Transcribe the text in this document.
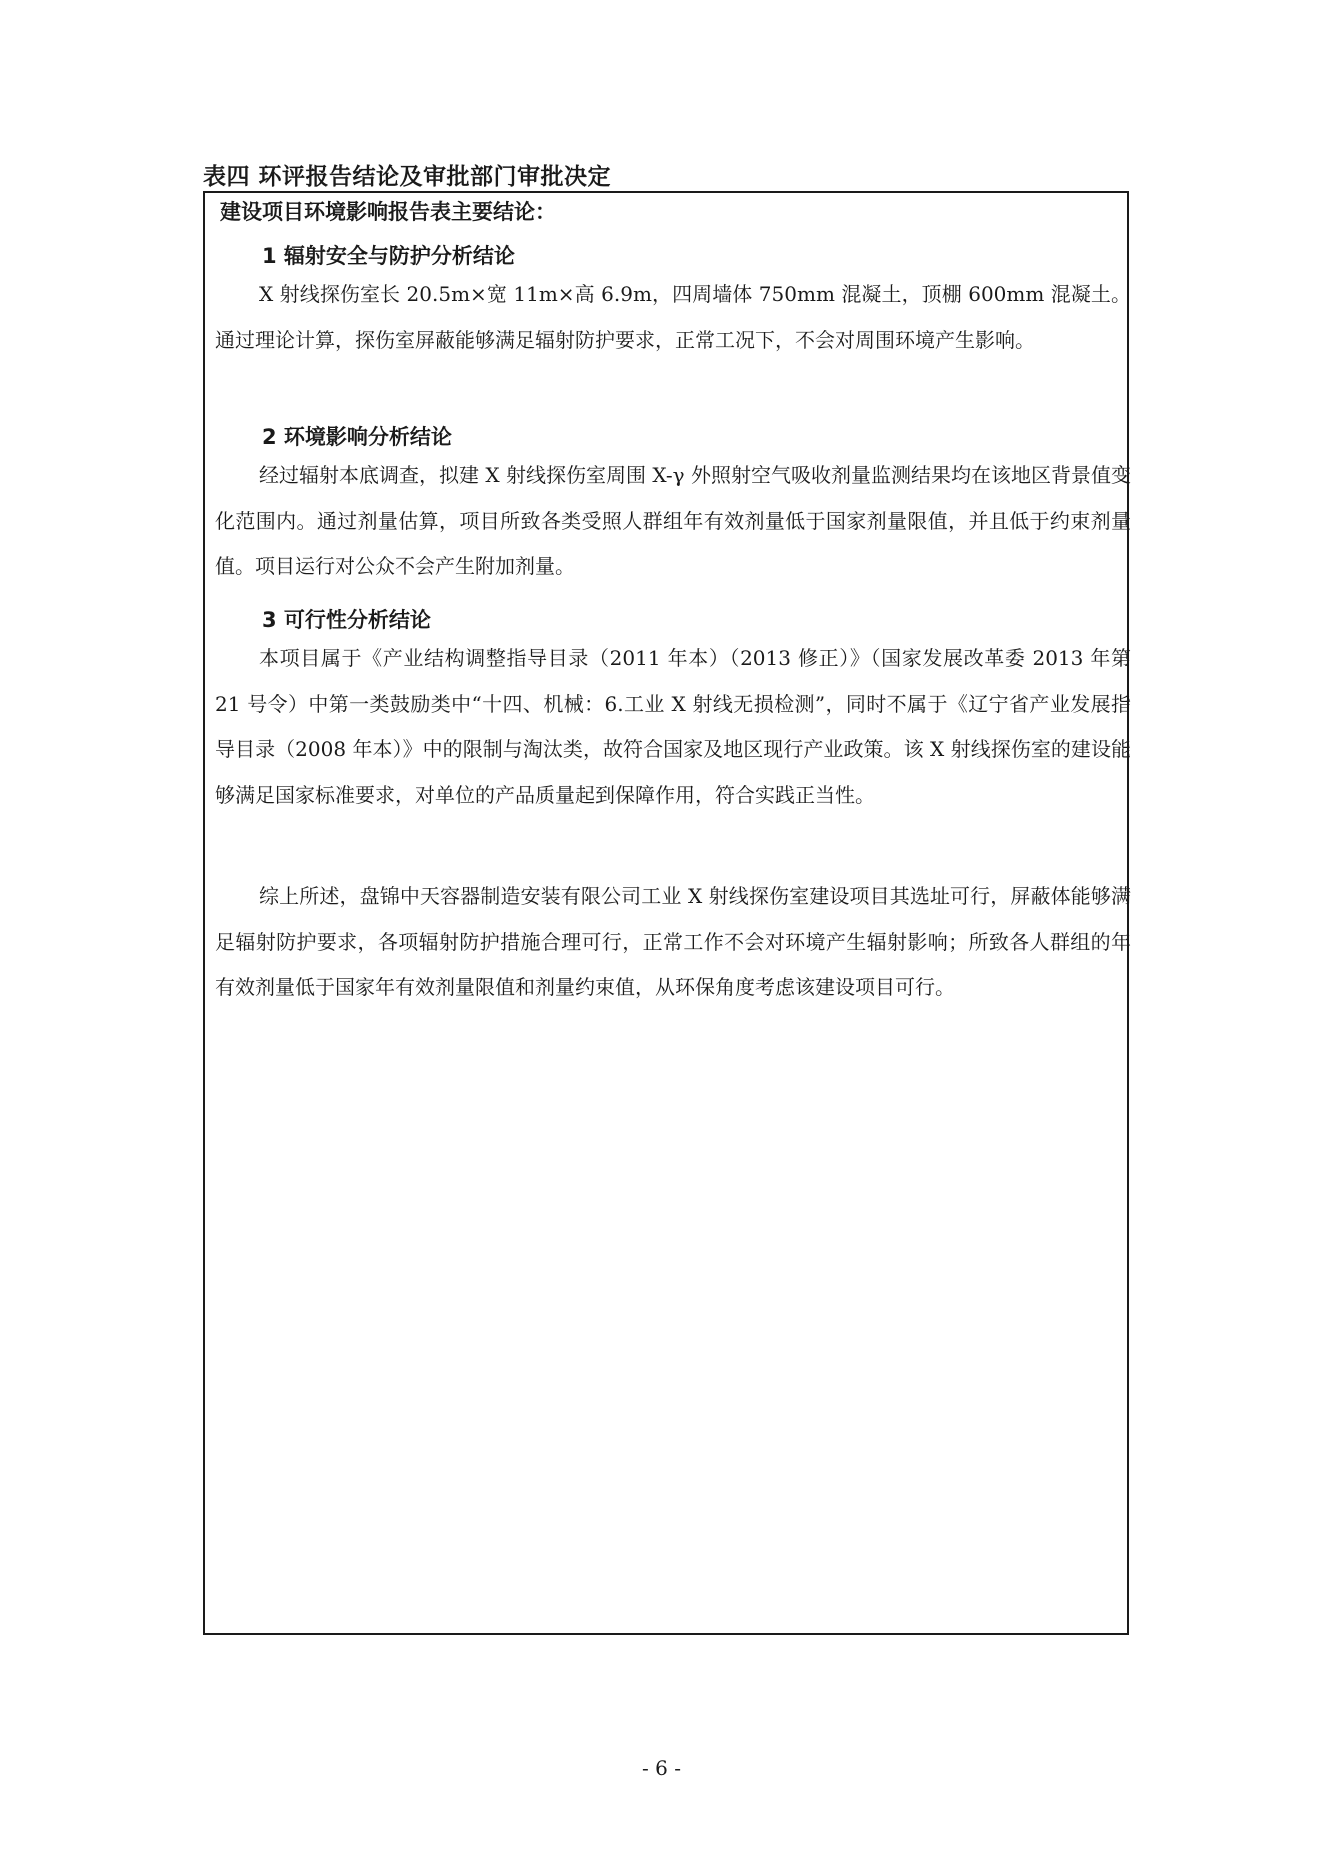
表四 环评报告结论及审批部门审批决定
建设项目环境影响报告表主要结论：
1 辐射安全与防护分析结论

X 射线探伤室长 20.5m×宽 11m×高 6.9m，四周墙体 750mm 混凝土，顶棚 600mm 混凝土。通过理论计算，探伤室屏蔽能够满足辐射防护要求，正常工况下，不会对周围环境产生影响。

2 环境影响分析结论

经过辐射本底调查，拟建 X 射线探伤室周围 X-γ 外照射空气吸收剂量监测结果均在该地区背景值变化范围内。通过剂量估算，项目所致各类受照人群组年有效剂量低于国家剂量限值，并且低于约束剂量值。项目运行对公众不会产生附加剂量。

3 可行性分析结论

本项目属于《产业结构调整指导目录（2011 年本）（2013 修正）》（国家发展改革委 2013 年第 21 号令）中第一类鼓励类中“十四、机械：6.工业 X 射线无损检测”，同时不属于《辽宁省产业发展指导目录（2008 年本）》中的限制与淘汰类，故符合国家及地区现行产业政策。该 X 射线探伤室的建设能够满足国家标准要求，对单位的产品质量起到保障作用，符合实践正当性。

综上所述，盘锦中天容器制造安装有限公司工业 X 射线探伤室建设项目其选址可行，屏蔽体能够满足辐射防护要求，各项辐射防护措施合理可行，正常工作不会对环境产生辐射影响；所致各人群组的年有效剂量低于国家年有效剂量限值和剂量约束值，从环保角度考虑该建设项目可行。

- 6 -
